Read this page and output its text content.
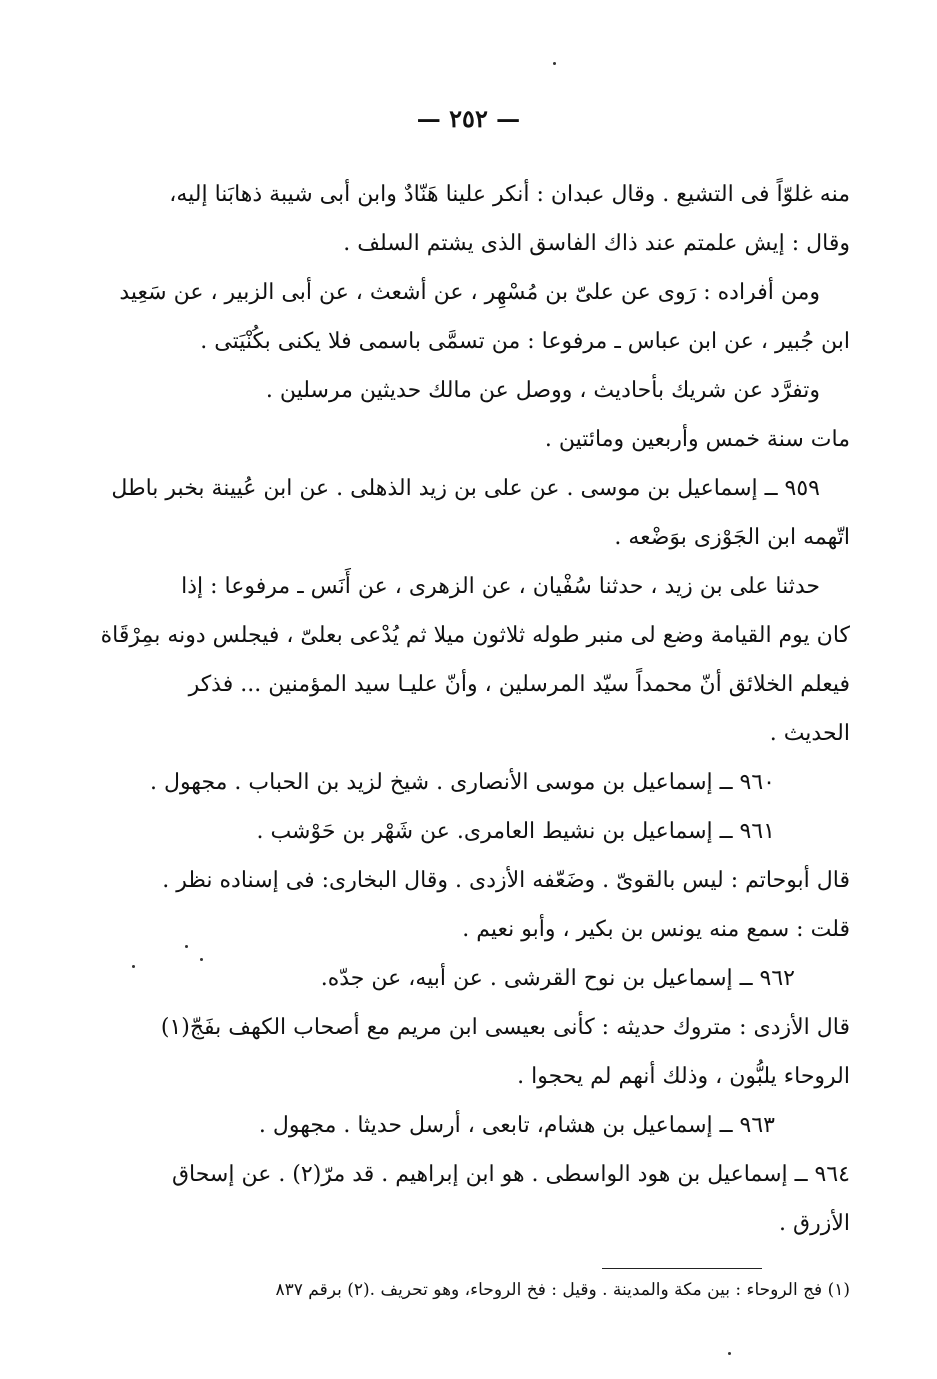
— ٢٥٢ —
منه غلوّاً فى التشيع . وقال عبدان : أنكر علينا هَنّادٌ وابن أبى شيبة ذهابَنا إليه،
وقال : إيش علمتم عند ذاك الفاسق الذى يشتم السلف .
ومن أفراده : رَوى عن علىّ بن مُسْهِر ، عن أشعث ، عن أبى الزبير ، عن سَعِيد
ابن جُبير ، عن ابن عباس ـ مرفوعا : من تسمَّى باسمى فلا يكنى بكُنْيَتى .
وتفرَّد عن شريك بأحاديث ، ووصل عن مالك حديثين مرسلين .
مات سنة خمس وأربعين ومائتين .
٩٥٩ ــ إسماعيل بن موسى . عن على بن زيد الذهلى . عن ابن عُيينة بخبر باطل
اتّهمه ابن الجَوْزى بوَضْعه .
حدثنا على بن زيد ، حدثنا سُفْيان ، عن الزهرى ، عن أَنَس ـ مرفوعا : إذا
كان يوم القيامة وضع لى منبر طوله ثلاثون ميلا ثم يُدْعى بعلىّ ، فيجلس دونه بمِرْقَاة
فيعلم الخلائق أنّ محمداً سيّد المرسلين ، وأنّ عليـا سيد المؤمنين ... فذكر
الحديث .
٩٦٠ ــ إسماعيل بن موسى الأنصارى . شيخ لزيد بن الحباب . مجهول .
٩٦١ ــ إسماعيل بن نشيط العامرى. عن شَهْر بن حَوْشب .
قال أبوحاتم : ليس بالقوىّ . وضَعّفه الأزدى . وقال البخارى: فى إسناده نظر .
قلت : سمع منه يونس بن بكير ، وأبو نعيم .
٩٦٢ ــ إسماعيل بن نوح القرشى . عن أبيه، عن جدّه.
قال الأزدى : متروك حديثه : كأنى بعيسى ابن مريم مع أصحاب الكهف بفَجّ(١)
الروحاء يلبُّون ، وذلك أنهم لم يحجوا .
٩٦٣ ــ إسماعيل بن هشام، تابعى ، أرسل حديثا . مجهول .
٩٦٤ ــ إسماعيل بن هود الواسطى . هو ابن إبراهيم . قد مرّ(٢) . عن إسحاق
الأزرق .
(١) فج الروحاء : بين مكة والمدينة . وقيل : فخ الروحاء، وهو تحريف .(٢) برقم ٨٣٧
